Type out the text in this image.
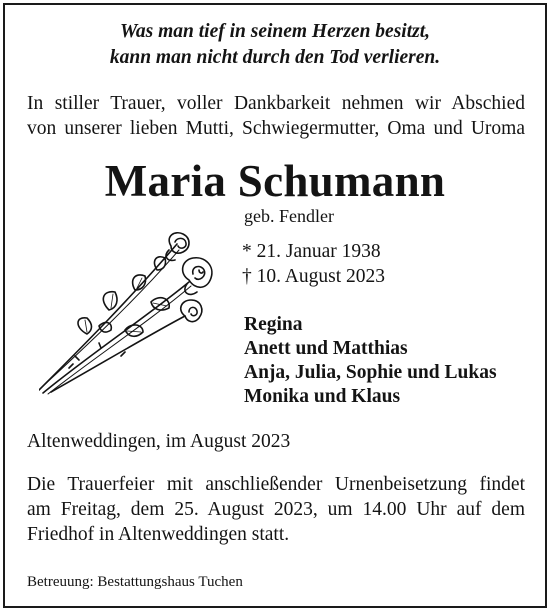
Was man tief in seinem Herzen besitzt,
kann man nicht durch den Tod verlieren.
In stiller Trauer, voller Dankbarkeit nehmen wir Abschied
von unserer lieben Mutti, Schwiegermutter, Oma und Uroma
Maria Schumann
geb. Fendler
* 21. Januar 1938
† 10. August 2023
Regina
Anett und Matthias
Anja, Julia, Sophie und Lukas
Monika und Klaus
Altenweddingen, im August 2023
Die Trauerfeier mit anschließender Urnenbeisetzung findet
am Freitag, dem 25. August 2023, um 14.00 Uhr auf dem
Friedhof in Altenweddingen statt.
Betreuung: Bestattungshaus Tuchen
